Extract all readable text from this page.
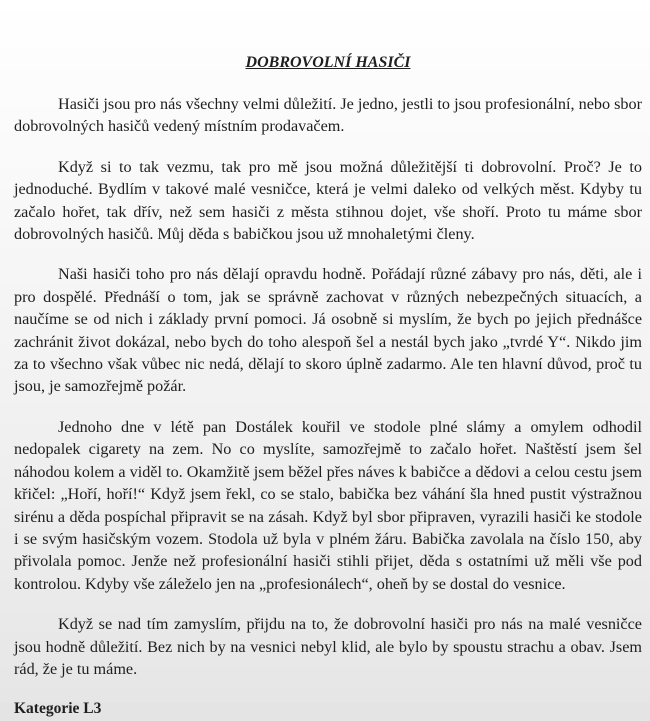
DOBROVOLNÍ HASIČI
Hasiči jsou pro nás všechny velmi důležití. Je jedno, jestli to jsou profesionální, nebo sbor dobrovolných hasičů vedený místním prodavačem.
Když si to tak vezmu, tak pro mě jsou možná důležitější ti dobrovolní. Proč? Je to jednoduché. Bydlím v takové malé vesničce, která je velmi daleko od velkých měst. Kdyby tu začalo hořet, tak dřív, než sem hasiči z města stihnou dojet, vše shoří. Proto tu máme sbor dobrovolných hasičů. Můj děda s babičkou jsou už mnohaletými členy.
Naši hasiči toho pro nás dělají opravdu hodně. Pořádají různé zábavy pro nás, děti, ale i pro dospělé. Přednáší o tom, jak se správně zachovat v různých nebezpečných situacích, a naučíme se od nich i základy první pomoci. Já osobně si myslím, že bych po jejich přednášce zachránit život dokázal, nebo bych do toho alespoň šel a nestál bych jako „tvrdé Y“. Nikdo jim za to všechno však vůbec nic nedá, dělají to skoro úplně zadarmo. Ale ten hlavní důvod, proč tu jsou, je samozřejmě požár.
Jednoho dne v létě pan Dostálek kouřil ve stodole plné slámy a omylem odhodil nedopalek cigarety na zem. No co myslíte, samozřejmě to začalo hořet. Naštěstí jsem šel náhodou kolem a viděl to. Okamžitě jsem běžel přes náves k babičce a dědovi a celou cestu jsem křičel: „Hoří, hoří!“ Když jsem řekl, co se stalo, babička bez váhání šla hned pustit výstražnou sirénu a děda pospíchal připravit se na zásah. Když byl sbor připraven, vyrazili hasiči ke stodole i se svým hasičským vozem. Stodola už byla v plném žáru. Babička zavolala na číslo 150, aby přivolala pomoc. Jenže než profesionální hasiči stihli přijet, děda s ostatními už měli vše pod kontrolou. Kdyby vše záleželo jen na „profesionálech“, oheň by se dostal do vesnice.
Když se nad tím zamyslím, přijdu na to, že dobrovolní hasiči pro nás na malé vesničce jsou hodně důležití. Bez nich by na vesnici nebyl klid, ale bylo by spoustu strachu a obav. Jsem rád, že je tu máme.
Kategorie L3
